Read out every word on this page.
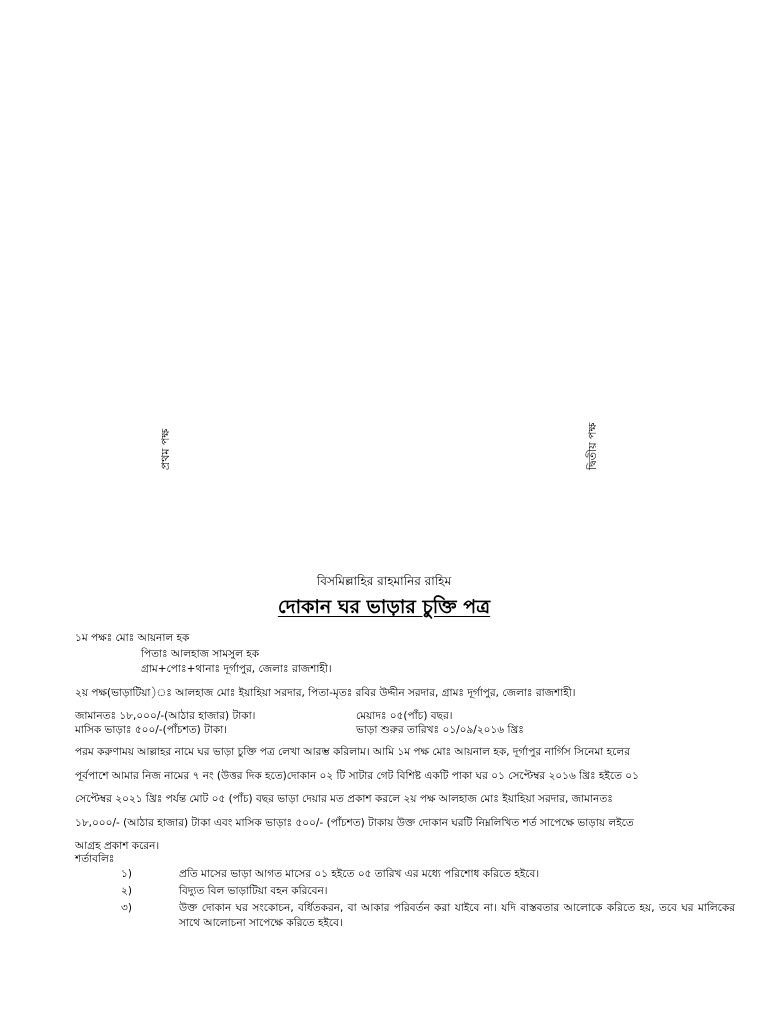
প্রথম পক্ষ	দ্বিতীয় পক্ষ
বিসমিল্লাহির রাহমানির রাহিম
দোকান ঘর ভাড়ার চুক্তি পত্র
১ম পক্ষঃ মোঃ আয়নাল হক
পিতাঃ আলহাজ সামসুল হক
গ্রাম+পোঃ+থানাঃ দূর্গাপুর, জেলাঃ রাজশাহী।
২য় পক্ষ(ভাড়াটিয়া)ঃ আলহাজ মোঃ ইয়াহিয়া সরদার, পিতা-মৃতঃ রবির উদ্দীন সরদার, গ্রামঃ দূর্গাপুর, জেলাঃ রাজশাহী।
জামানতঃ ১৮,০০০/-(আঠার হাজার) টাকা।	মেয়াদঃ ০৫(পাঁচ) বছর।
মাসিক ভাড়াঃ ৫০০/-(পাঁচশত) টাকা।	ভাড়া শুরুর তারিখঃ ০১/০৯/২০১৬ খ্রিঃ
পরম করুণাময় আল্লাহর নামে ঘর ভাড়া চুক্তি পত্র লেখা আরম্ভ করিলাম। আমি ১ম পক্ষ মোঃ আয়নাল হক, দূর্গাপুর নার্গিস সিনেমা হলের
পূর্বপাশে আমার নিজ নামের ৭ নং (উত্তর দিক হতে)দোকান ০২ টি সাটার গেট বিশিষ্ট একটি পাকা ঘর ০১ সেপ্টেম্বর ২০১৬ খ্রিঃ হইতে ০১
সেপ্টেম্বর ২০২১ খ্রিঃ পর্যন্ত মোট ০৫ (পাঁচ) বছর ভাড়া দেয়ার মত প্রকাশ করলে ২য় পক্ষ আলহাজ মোঃ ইয়াহিয়া সরদার, জামানতঃ
১৮,০০০/- (আঠার হাজার) টাকা এবং মাসিক ভাড়াঃ ৫০০/- (পাঁচশত) টাকায় উক্ত দোকান ঘরটি নিম্নলিখিত শর্ত সাপেক্ষে ভাড়ায় লইতে
আগ্রহ প্রকাশ করেন।
শর্তাবলিঃ
১)	প্রতি মাসের ভাড়া আগত মাসের ০১ হইতে ০৫ তারিখ এর মধ্যে পরিশোধ করিতে হইবে।
২)	বিদ্যুত বিল ভাড়াটিয়া বহন করিবেন।
৩)	উক্ত দোকান ঘর সংকোচন, বর্ধিতকরন, বা আকার পরিবর্তন করা যাইবে না। যদি বাস্তবতার আলোকে করিতে হয়, তবে ঘর মালিকের সাথে আলোচনা সাপেক্ষে করিতে হইবে।
